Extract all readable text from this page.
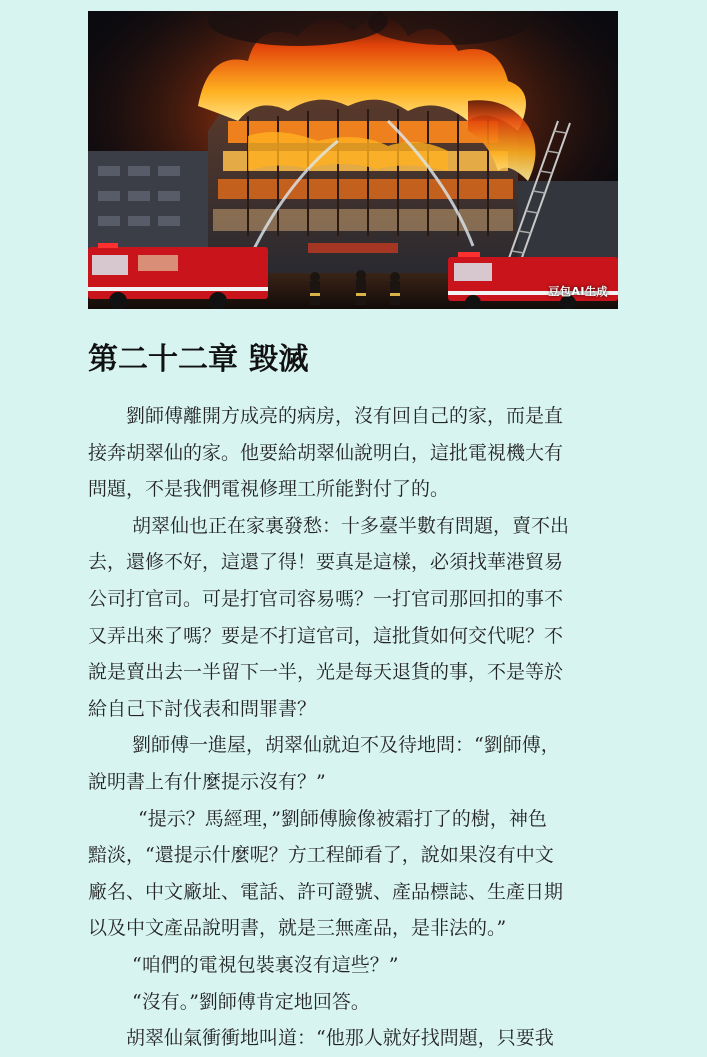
豆包AI生成
第二十二章 毀滅
劉師傅離開方成亮的病房，沒有回自己的家，而是直
接奔胡翠仙的家。他要給胡翠仙說明白，這批電視機大有
問題，不是我們電視修理工所能對付了的。
胡翠仙也正在家裏發愁：十多臺半數有問題，賣不出
去，還修不好，這還了得！要真是這樣，必須找華港貿易
公司打官司。可是打官司容易嗎？一打官司那回扣的事不
又弄出來了嗎？要是不打這官司，這批貨如何交代呢？不
說是賣出去一半留下一半，光是每天退貨的事，不是等於
給自己下討伐表和問罪書？
劉師傅一進屋，胡翠仙就迫不及待地問：“劉師傅，
說明書上有什麼提示沒有？”
“提示？馬經理，”劉師傅臉像被霜打了的樹，神色
黯淡，“還提示什麼呢？方工程師看了，說如果沒有中文
廠名、中文廠址、電話、許可證號、產品標誌、生產日期
以及中文產品說明書，就是三無產品，是非法的。”
“咱們的電視包裝裏沒有這些？”
“沒有。”劉師傅肯定地回答。
胡翠仙氣衝衝地叫道：“他那人就好找問題，只要我
